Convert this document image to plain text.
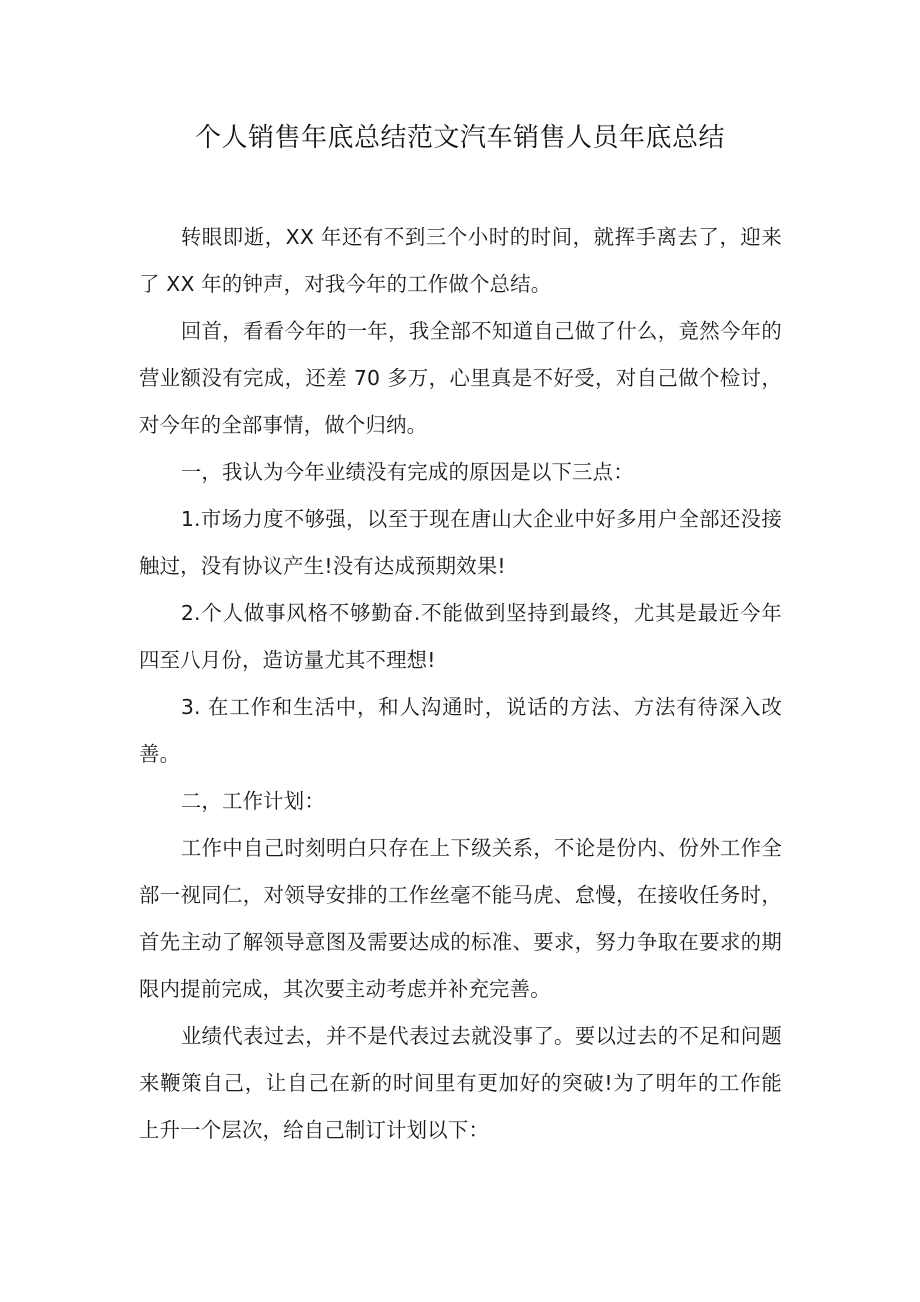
个人销售年底总结范文汽车销售人员年底总结

转眼即逝，XX 年还有不到三个小时的时间，就挥手离去了，迎来了 XX 年的钟声，对我今年的工作做个总结。

回首，看看今年的一年，我全部不知道自己做了什么，竟然今年的营业额没有完成，还差 70 多万，心里真是不好受，对自己做个检讨，对今年的全部事情，做个归纳。

一，我认为今年业绩没有完成的原因是以下三点：

1.市场力度不够强，以至于现在唐山大企业中好多用户全部还没接触过，没有协议产生!没有达成预期效果!

2.个人做事风格不够勤奋.不能做到坚持到最终，尤其是最近今年四至八月份，造访量尤其不理想!

3. 在工作和生活中，和人沟通时，说话的方法、方法有待深入改善。

二，工作计划：

工作中自己时刻明白只存在上下级关系，不论是份内、份外工作全部一视同仁，对领导安排的工作丝毫不能马虎、怠慢，在接收任务时，首先主动了解领导意图及需要达成的标准、要求，努力争取在要求的期限内提前完成，其次要主动考虑并补充完善。

业绩代表过去，并不是代表过去就没事了。要以过去的不足和问题来鞭策自己，让自己在新的时间里有更加好的突破!为了明年的工作能上升一个层次，给自己制订计划以下：
